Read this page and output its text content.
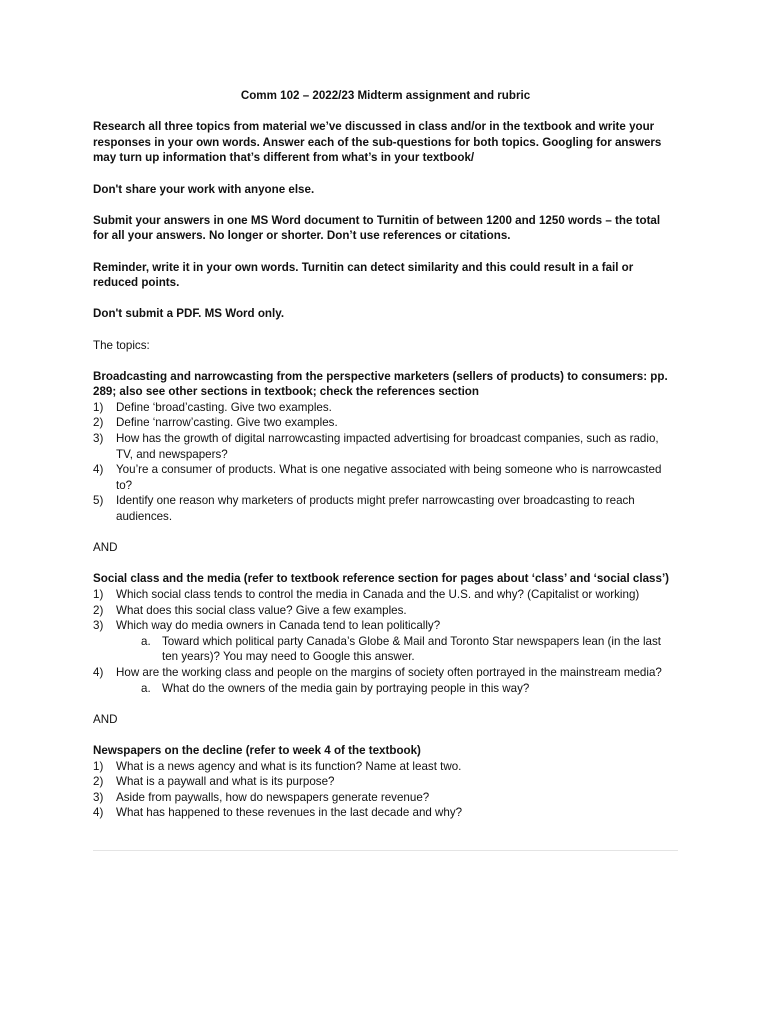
Comm 102 – 2022/23 Midterm assignment and rubric

Research all three topics from material we’ve discussed in class and/or in the textbook and write your responses in your own words. Answer each of the sub-questions for both topics. Googling for answers may turn up information that’s different from what’s in your textbook/

Don't share your work with anyone else.

Submit your answers in one MS Word document to Turnitin of between 1200 and 1250 words – the total for all your answers. No longer or shorter. Don’t use references or citations.

Reminder, write it in your own words. Turnitin can detect similarity and this could result in a fail or reduced points.

Don't submit a PDF. MS Word only.

The topics:

Broadcasting and narrowcasting from the perspective marketers (sellers of products) to consumers: pp. 289; also see other sections in textbook; check the references section
1) Define ‘broad’casting. Give two examples.
2) Define ‘narrow’casting. Give two examples.
3) How has the growth of digital narrowcasting impacted advertising for broadcast companies, such as radio, TV, and newspapers?
4) You’re a consumer of products. What is one negative associated with being someone who is narrowcasted to?
5) Identify one reason why marketers of products might prefer narrowcasting over broadcasting to reach audiences.

AND

Social class and the media (refer to textbook reference section for pages about ‘class’ and ‘social class’)
1) Which social class tends to control the media in Canada and the U.S. and why? (Capitalist or working)
2) What does this social class value? Give a few examples.
3) Which way do media owners in Canada tend to lean politically?
a. Toward which political party Canada’s Globe & Mail and Toronto Star newspapers lean (in the last ten years)? You may need to Google this answer.
4) How are the working class and people on the margins of society often portrayed in the mainstream media?
a. What do the owners of the media gain by portraying people in this way?

AND

Newspapers on the decline (refer to week 4 of the textbook)
1) What is a news agency and what is its function? Name at least two.
2) What is a paywall and what is its purpose?
3) Aside from paywalls, how do newspapers generate revenue?
4) What has happened to these revenues in the last decade and why?
